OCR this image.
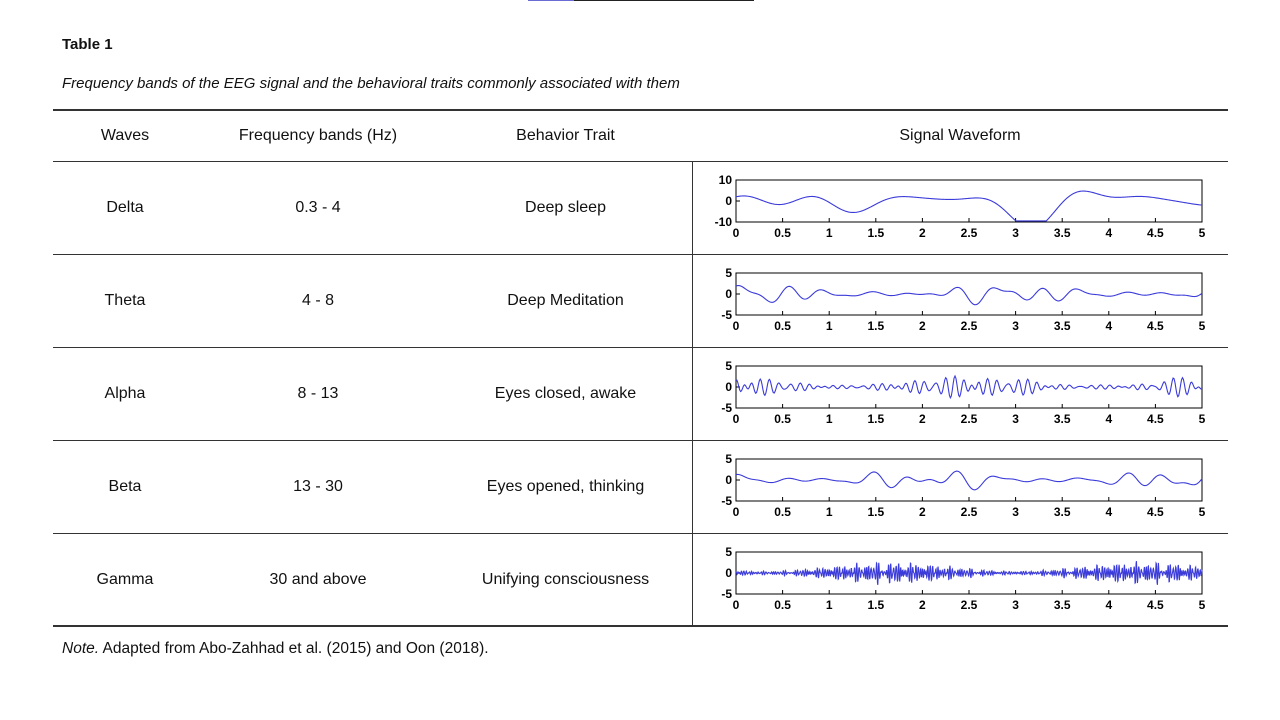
Table 1
Frequency bands of the EEG signal and the behavioral traits commonly associated with them
Waves	Frequency bands (Hz)	Behavior Trait	Signal Waveform
Delta	0.3 - 4	Deep sleep
10
0
-10
0	0.5	1	1.5	2	2.5	3	3.5	4	4.5	5
Theta	4 - 8	Deep Meditation
5
0
-5
0	0.5	1	1.5	2	2.5	3	3.5	4	4.5	5
Alpha	8 - 13	Eyes closed, awake
5
0
-5
0	0.5	1	1.5	2	2.5	3	3.5	4	4.5	5
Beta	13 - 30	Eyes opened, thinking
5
0
-5
0	0.5	1	1.5	2	2.5	3	3.5	4	4.5	5
Gamma	30 and above	Unifying consciousness
5
0
-5
0	0.5	1	1.5	2	2.5	3	3.5	4	4.5	5
Note. Adapted from Abo-Zahhad et al. (2015) and Oon (2018).
